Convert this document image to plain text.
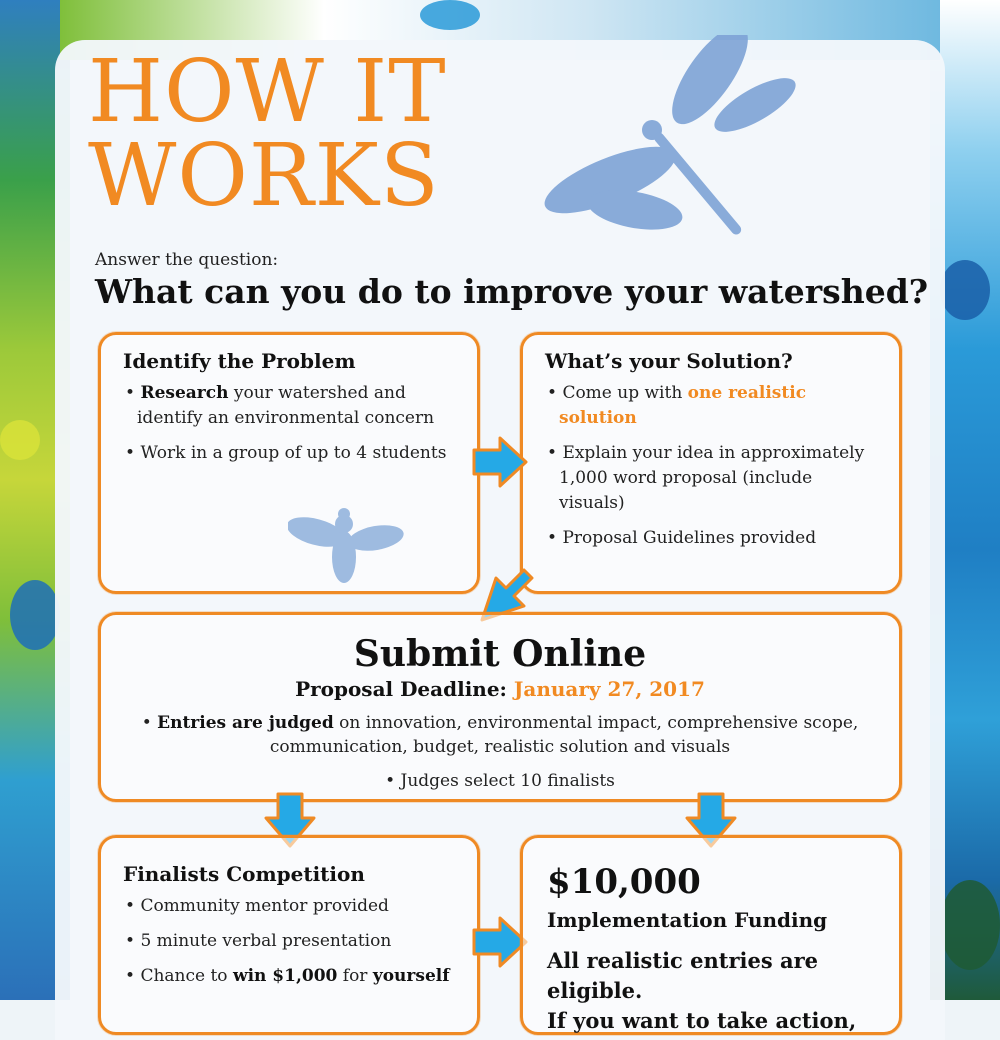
HOW IT
WORKS
Answer the question:
What can you do to improve your watershed?
Identify the Problem
• Research your watershed and identify an environmental concern
• Work in a group of up to 4 students
What’s your Solution?
• Come up with one realistic solution
• Explain your idea in approximately 1,000 word proposal (include visuals)
• Proposal Guidelines provided
Submit Online
Proposal Deadline: January 27, 2017
• Entries are judged on innovation, environmental impact, comprehensive scope, communication, budget, realistic solution and visuals
• Judges select 10 finalists
Finalists Competition
• Community mentor provided
• 5 minute verbal presentation
• Chance to win $1,000 for yourself
$10,000
Implementation Funding
All realistic entries are eligible.
If you want to take action,
